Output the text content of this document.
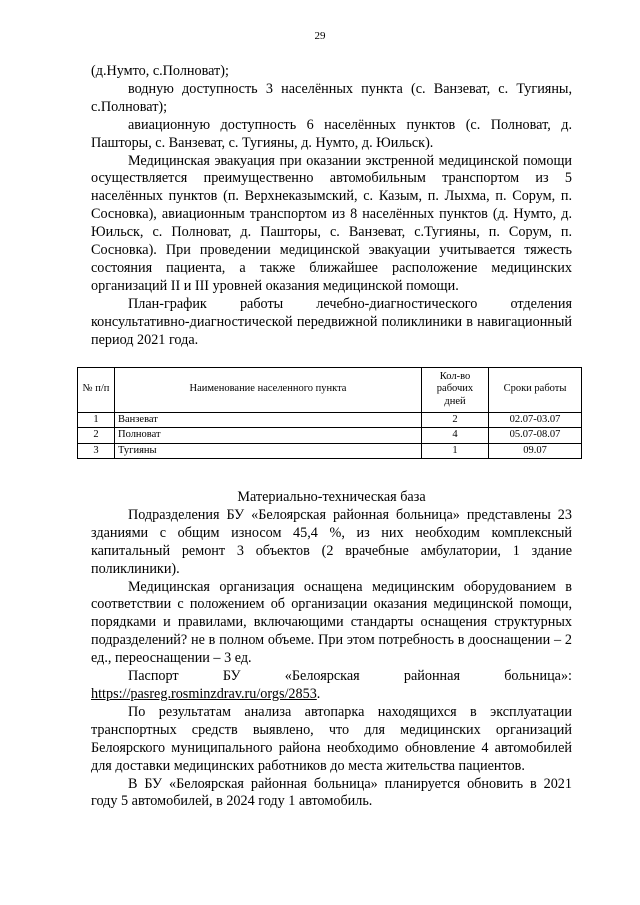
29

(д.Нумто, с.Полноват);

водную доступность 3 населённых пункта (с. Ванзеват, с. Тугияны, с.Полноват);

авиационную доступность 6 населённых пунктов (с. Полноват, д. Пашторы, с. Ванзеват, с. Тугияны, д. Нумто, д. Юильск).

Медицинская эвакуация при оказании экстренной медицинской помощи осуществляется преимущественно автомобильным транспортом из 5 населённых пунктов (п. Верхнеказымский, с. Казым, п. Лыхма, п. Сорум, п. Сосновка), авиационным транспортом из 8 населённых пунктов (д. Нумто, д. Юильск, с. Полноват, д. Пашторы, с. Ванзеват, с.Тугияны, п. Сорум, п. Сосновка). При проведении медицинской эвакуации учитывается тяжесть состояния пациента, а также ближайшее расположение медицинских организаций II и III уровней оказания медицинской помощи.

План-график работы лечебно-диагностического отделения консультативно-диагностической передвижной поликлиники в навигационный период 2021 года.

№ п/п	Наименование населенного пункта	Кол-во рабочих дней	Сроки работы
1	Ванзеват	2	02.07-03.07
2	Полноват	4	05.07-08.07
3	Тугияны	1	09.07

Материально-техническая база

Подразделения БУ «Белоярская районная больница» представлены 23 зданиями с общим износом 45,4 %, из них необходим комплексный капитальный ремонт 3 объектов (2 врачебные амбулатории, 1 здание поликлиники).

Медицинская организация оснащена медицинским оборудованием в соответствии с положением об организации оказания медицинской помощи, порядками и правилами, включающими стандарты оснащения структурных подразделений? не в полном объеме. При этом потребность в дооснащении – 2 ед., переоснащении – 3 ед.

Паспорт БУ «Белоярская районная больница»: https://pasreg.rosminzdrav.ru/orgs/2853.

По результатам анализа автопарка находящихся в эксплуатации транспортных средств выявлено, что для медицинских организаций Белоярского муниципального района необходимо обновление 4 автомобилей для доставки медицинских работников до места жительства пациентов.

В БУ «Белоярская районная больница» планируется обновить в 2021 году 5 автомобилей, в 2024 году 1 автомобиль.
